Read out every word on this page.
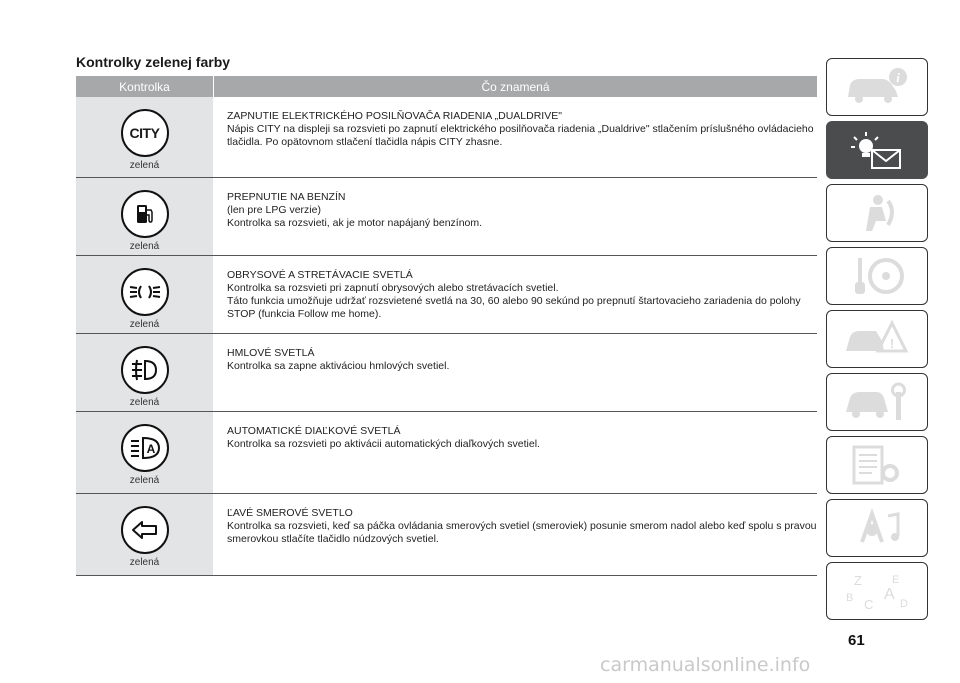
Kontrolky zelenej farby
Kontrolka	Čo znamená
CITY
zelená
ZAPNUTIE ELEKTRICKÉHO POSILŇOVAČA RIADENIA „DUALDRIVE"
Nápis CITY na displeji sa rozsvieti po zapnutí elektrického posilňovača riadenia „Dualdrive" stlačením príslušného ovládacieho tlačidla. Po opätovnom stlačení tlačidla nápis CITY zhasne.
zelená
PREPNUTIE NA BENZÍN
(len pre LPG verzie)
Kontrolka sa rozsvieti, ak je motor napájaný benzínom.
zelená
OBRYSOVÉ A STRETÁVACIE SVETLÁ
Kontrolka sa rozsvieti pri zapnutí obrysových alebo stretávacích svetiel.
Táto funkcia umožňuje udržať rozsvietené svetlá na 30, 60 alebo 90 sekúnd po prepnutí štartovacieho zariadenia do polohy STOP (funkcia Follow me home).
zelená
HMLOVÉ SVETLÁ
Kontrolka sa zapne aktiváciou hmlových svetiel.
A
zelená
AUTOMATICKÉ DIAĽKOVÉ SVETLÁ
Kontrolka sa rozsvieti po aktivácii automatických diaľkových svetiel.
zelená
ĽAVÉ SMEROVÉ SVETLO
Kontrolka sa rozsvieti, keď sa páčka ovládania smerových svetiel (smeroviek) posunie smerom nadol alebo keď spolu s pravou smerovkou stlačíte tlačidlo núdzových svetiel.
i
!
Z	E
B A
C D
61
carmanualsonline.info
